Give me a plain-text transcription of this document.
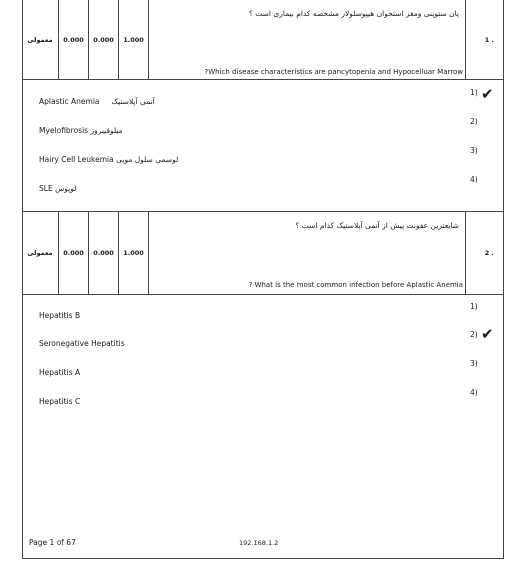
معمولی 0.000 0.000 1.000
پان ستوپنی ومغز استخوان هیپوسلولار مشخصه کدام بیماری است ؟
?Which disease characteristics are pancytopenia and Hypocelluar Marrow
1 .
Aplastic Anemia آنمی آپلاستیک
1) ✔
Myelofibrosis میلوفیبروز
2)
Hairy Cell Leukemia لوسمی سلول مویی
3)
SLE لوپوس
4)
معمولی 0.000 0.000 1.000
شایعترین عفونت پیش از آنمی آپلاستیک کدام است ؟
? What is the most common infection before Aplastic Anemia
2 .
Hepatitis B
1)
Seronegative Hepatitis
2) ✔
Hepatitis A
3)
Hepatitis C
4)
Page 1 of 67	192.168.1.2
